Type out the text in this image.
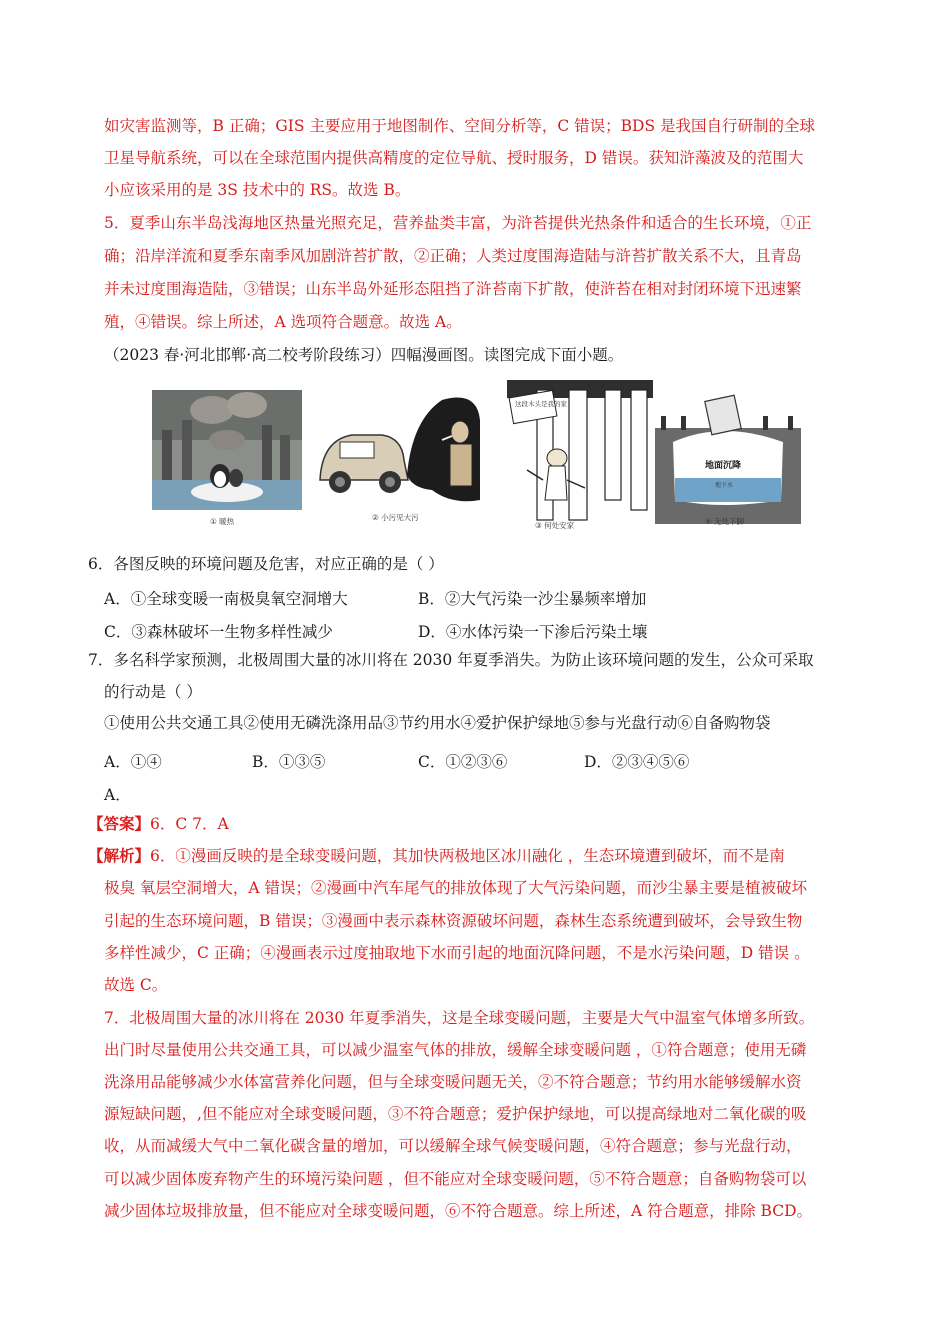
如灾害监测等，B 正确；GIS 主要应用于地图制作、空间分析等，C 错误；BDS 是我国自行研制的全球
卫星导航系统，可以在全球范围内提供高精度的定位导航、授时服务，D 错误。获知浒藻波及的范围大
小应该采用的是 3S 技术中的 RS。故选 B。
5．夏季山东半岛浅海地区热量光照充足，营养盐类丰富，为浒苔提供光热条件和适合的生长环境，①正
确；沿岸洋流和夏季东南季风加剧浒苔扩散，②正确；人类过度围海造陆与浒苔扩散关系不大，且青岛
并未过度围海造陆，③错误；山东半岛外延形态阻挡了浒苔南下扩散，使浒苔在相对封闭环境下迅速繁
殖，④错误。综上所述，A 选项符合题意。故选 A。
（2023 春·河北邯郸·高二校考阶段练习）四幅漫画图。读图完成下面小题。
① 暖热	② 小污见大污
这段木头是我的家
③ 何处安家
地面沉降
地下水
④ 无处下脚
6．各图反映的环境问题及危害，对应正确的是（ ）
A．①全球变暖一南极臭氧空洞增大	B．②大气污染一沙尘暴频率增加
C．③森林破坏一生物多样性减少	D．④水体污染一下渗后污染土壤
7．多名科学家预测，北极周围大量的冰川将在 2030 年夏季消失。为防止该环境问题的发生，公众可采取
的行动是（ ）
①使用公共交通工具②使用无磷洗涤用品③节约用水④爱护保护绿地⑤参与光盘行动⑥自备购物袋
A．①④	B．①③⑤	C．①②③⑥	D．②③④⑤⑥
A．
【答案】6．C 7．A
【解析】6．①漫画反映的是全球变暖问题，其加快两极地区冰川融化 ，生态环境遭到破坏，而不是南
极臭 氧层空洞增大，A 错误；②漫画中汽车尾气的排放体现了大气污染问题，而沙尘暴主要是植被破坏
引起的生态环境问题，B 错误；③漫画中表示森林资源破坏问题，森林生态系统遭到破坏，会导致生物
多样性减少，C 正确；④漫画表示过度抽取地下水而引起的地面沉降问题，不是水污染问题，D 错误 。
故选 C。
7．北极周围大量的冰川将在 2030 年夏季消失，这是全球变暖问题，主要是大气中温室气体增多所致。
出门时尽量使用公共交通工具，可以减少温室气体的排放，缓解全球变暖问题 ，①符合题意；使用无磷
洗涤用品能够减少水体富营养化问题，但与全球变暖问题无关，②不符合题意；节约用水能够缓解水资
源短缺问题，,但不能应对全球变暖问题，③不符合题意；爱护保护绿地，可以提高绿地对二氧化碳的吸
收，从而减缓大气中二氧化碳含量的增加，可以缓解全球气候变暖问题，④符合题意；参与光盘行动，
可以减少固体废弃物产生的环境污染问题 ，但不能应对全球变暖问题，⑤不符合题意；自备购物袋可以
减少固体垃圾排放量，但不能应对全球变暖问题，⑥不符合题意。综上所述，A 符合题意，排除 BCD。
